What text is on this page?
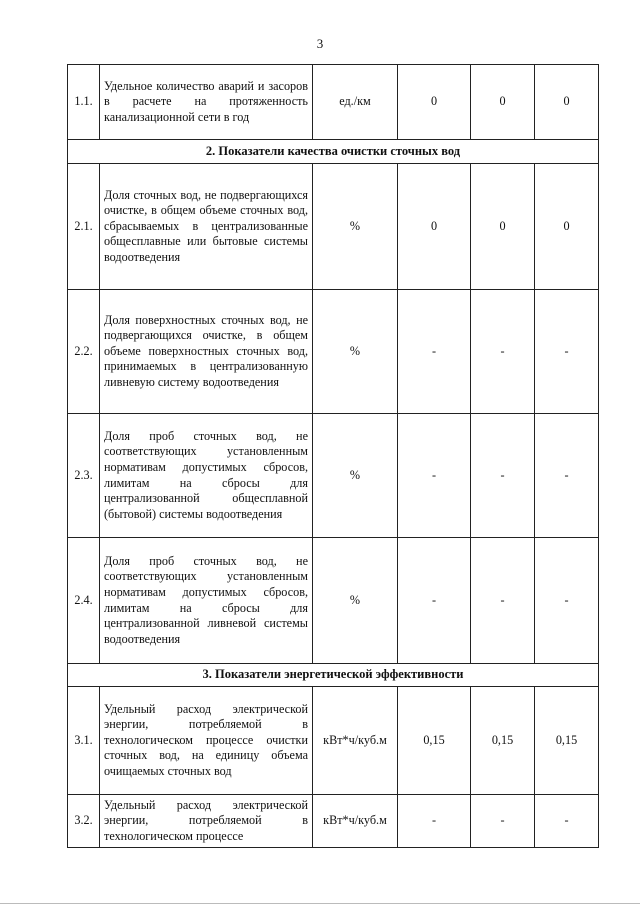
3
1.1.	Удельное количество аварий и засоров в расчете на протяженность канализационной сети в год	ед./км	0	0	0
2. Показатели качества очистки сточных вод					
2.1.	Доля сточных вод, не подвергающихся очистке, в общем объеме сточных вод, сбрасываемых в централизованные общесплавные или бытовые системы водоотведения	%	0	0	0
2.2.	Доля поверхностных сточных вод, не подвергающихся очистке, в общем объеме поверхностных сточных вод, принимаемых в централизованную ливневую систему водоотведения	%	-	-	-
2.3.	Доля проб сточных вод, не соответствующих установленным нормативам допустимых сбросов, лимитам на сбросы для централизованной общесплавной (бытовой) системы водоотведения	%	-	-	-
2.4.	Доля проб сточных вод, не соответствующих установленным нормативам допустимых сбросов, лимитам на сбросы для централизованной ливневой системы водоотведения	%	-	-	-
3. Показатели энергетической эффективности					
3.1.	Удельный расход электрической энергии, потребляемой в технологическом процессе очистки сточных вод, на единицу объема очищаемых сточных вод	кВт*ч/куб.м	0,15	0,15	0,15
3.2.	Удельный расход электрической энергии, потребляемой в технологическом процессе	кВт*ч/куб.м	-	-	-
